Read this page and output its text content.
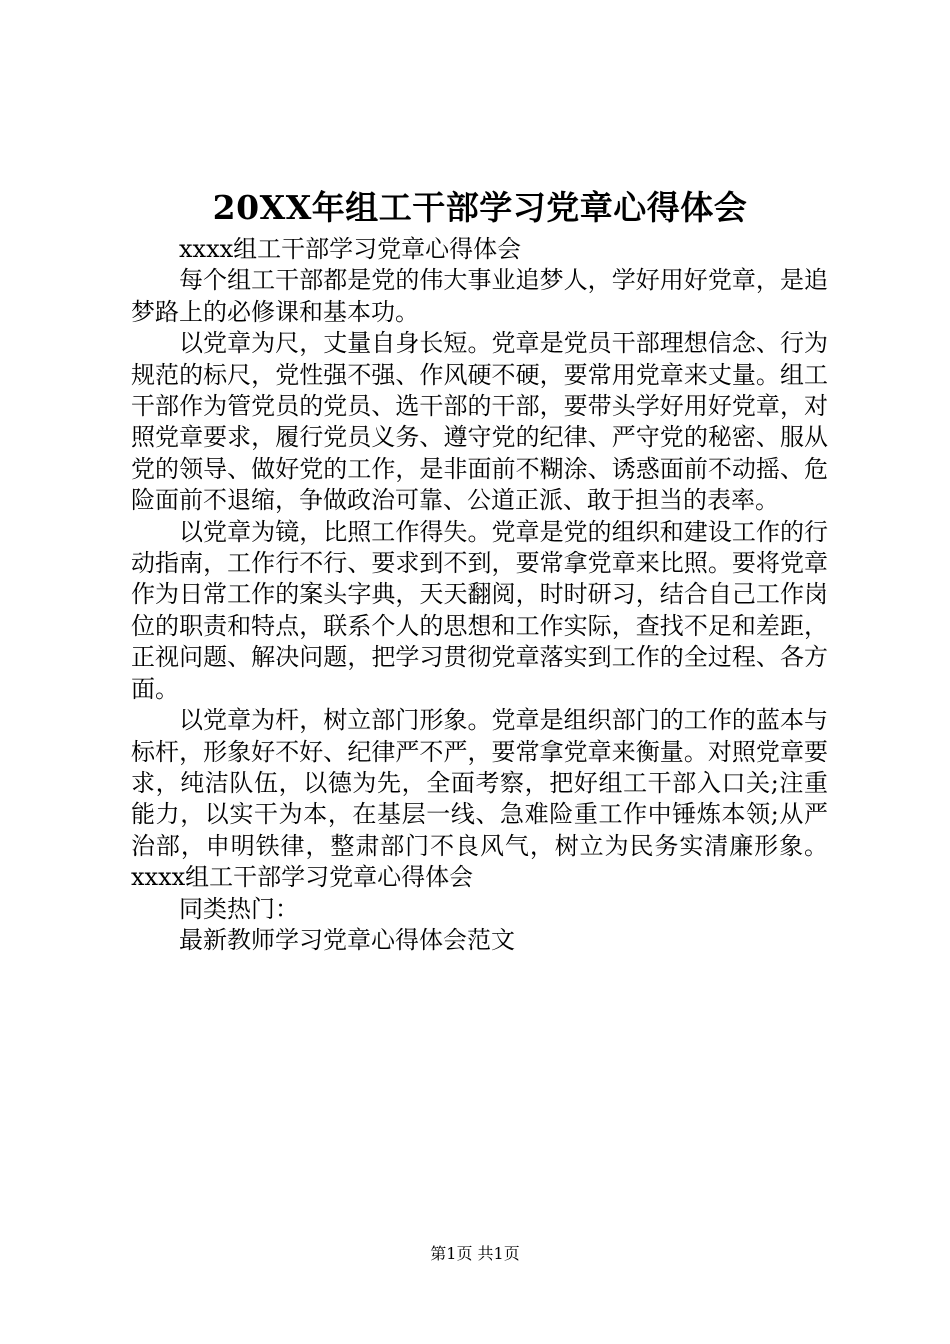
20XX年组工干部学习党章心得体会

xxxx组工干部学习党章心得体会

每个组工干部都是党的伟大事业追梦人，学好用好党章，是追梦路上的必修课和基本功。

以党章为尺，丈量自身长短。党章是党员干部理想信念、行为规范的标尺，党性强不强、作风硬不硬，要常用党章来丈量。组工干部作为管党员的党员、选干部的干部，要带头学好用好党章，对照党章要求，履行党员义务、遵守党的纪律、严守党的秘密、服从党的领导、做好党的工作，是非面前不糊涂、诱惑面前不动摇、危险面前不退缩，争做政治可靠、公道正派、敢于担当的表率。

以党章为镜，比照工作得失。党章是党的组织和建设工作的行动指南，工作行不行、要求到不到，要常拿党章来比照。要将党章作为日常工作的案头字典，天天翻阅，时时研习，结合自己工作岗位的职责和特点，联系个人的思想和工作实际，查找不足和差距，正视问题、解决问题，把学习贯彻党章落实到工作的全过程、各方面。

以党章为杆，树立部门形象。党章是组织部门的工作的蓝本与标杆，形象好不好、纪律严不严，要常拿党章来衡量。对照党章要求，纯洁队伍，以德为先，全面考察，把好组工干部入口关;注重能力，以实干为本，在基层一线、急难险重工作中锤炼本领;从严治部，申明铁律，整肃部门不良风气，树立为民务实清廉形象。xxxx组工干部学习党章心得体会

同类热门：

最新教师学习党章心得体会范文

第1页 共1页
